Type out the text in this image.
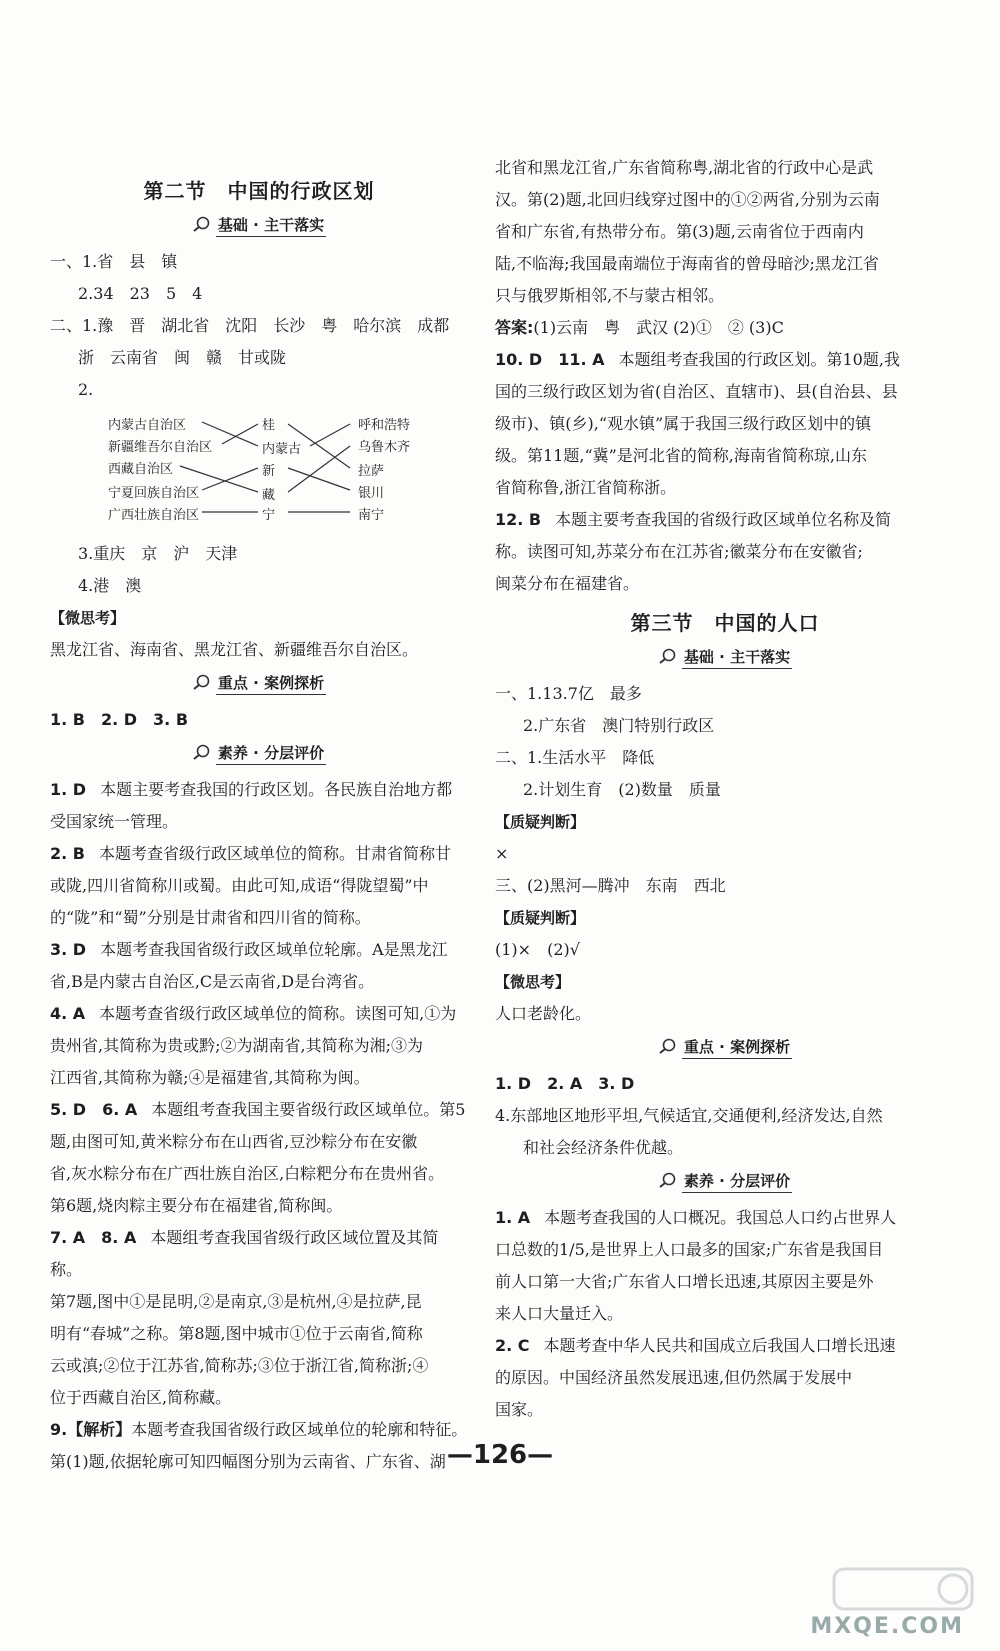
第二节　中国的行政区划
基础 · 主干落实

一、1.省　县　镇

2.34　23　5　4

二、1.豫　晋　湖北省　沈阳　长沙　粤　哈尔滨　成都

浙　云南省　闽　赣　甘或陇

2.

内蒙古自治区
新疆维吾尔自治区
西藏自治区
宁夏回族自治区
广西壮族自治区
桂
内蒙古
新
藏
宁
呼和浩特
乌鲁木齐
拉萨
银川
南宁

3.重庆　京　沪　天津

4.港　澳

【微思考】

黑龙江省、海南省、黑龙江省、新疆维吾尔自治区。

重点 · 案例探析

1. B　2. D　3. B

素养 · 分层评价

1. D 本题主要考查我国的行政区划。各民族自治地方都

受国家统一管理。

2. B 本题考查省级行政区域单位的简称。甘肃省简称甘

或陇,四川省简称川或蜀。由此可知,成语“得陇望蜀”中

的“陇”和“蜀”分别是甘肃省和四川省的简称。

3. D 本题考查我国省级行政区域单位轮廓。A是黑龙江

省,B是内蒙古自治区,C是云南省,D是台湾省。

4. A 本题考查省级行政区域单位的简称。读图可知,①为

贵州省,其简称为贵或黔;②为湖南省,其简称为湘;③为

江西省,其简称为赣;④是福建省,其简称为闽。

5. D　6. A 本题组考查我国主要省级行政区域单位。第5

题,由图可知,黄米粽分布在山西省,豆沙粽分布在安徽

省,灰水粽分布在广西壮族自治区,白粽粑分布在贵州省。

第6题,烧肉粽主要分布在福建省,简称闽。

7. A　8. A 本题组考查我国省级行政区域位置及其简称。

第7题,图中①是昆明,②是南京,③是杭州,④是拉萨,昆

明有“春城”之称。第8题,图中城市①位于云南省,简称

云或滇;②位于江苏省,简称苏;③位于浙江省,简称浙;④

位于西藏自治区,简称藏。

9.【解析】本题考查我国省级行政区域单位的轮廓和特征。

第(1)题,依据轮廓可知四幅图分别为云南省、广东省、湖

北省和黑龙江省,广东省简称粤,湖北省的行政中心是武

汉。第(2)题,北回归线穿过图中的①②两省,分别为云南

省和广东省,有热带分布。第(3)题,云南省位于西南内

陆,不临海;我国最南端位于海南省的曾母暗沙;黑龙江省

只与俄罗斯相邻,不与蒙古相邻。

答案:(1)云南　粤　武汉 (2)①　② (3)C

10. D　11. A 本题组考查我国的行政区划。第10题,我

国的三级行政区划为省(自治区、直辖市)、县(自治县、县

级市)、镇(乡),“观水镇”属于我国三级行政区划中的镇

级。第11题,“冀”是河北省的简称,海南省简称琼,山东

省简称鲁,浙江省简称浙。

12. B 本题主要考查我国的省级行政区域单位名称及简

称。读图可知,苏菜分布在江苏省;徽菜分布在安徽省;

闽菜分布在福建省。

第三节　中国的人口
基础 · 主干落实

一、1.13.7亿　最多

2.广东省　澳门特别行政区

二、1.生活水平　降低

2.计划生育　(2)数量　质量

【质疑判断】

×

三、(2)黑河—腾冲　东南　西北

【质疑判断】

(1)×　(2)√

【微思考】

人口老龄化。

重点 · 案例探析

1. D　2. A　3. D

4.东部地区地形平坦,气候适宜,交通便利,经济发达,自然

和社会经济条件优越。

素养 · 分层评价

1. A 本题考查我国的人口概况。我国总人口约占世界人

口总数的1/5,是世界上人口最多的国家;广东省是我国目

前人口第一大省;广东省人口增长迅速,其原因主要是外

来人口大量迁入。

2. C 本题考查中华人民共和国成立后我国人口增长迅速

的原因。中国经济虽然发展迅速,但仍然属于发展中

国家。

—126—
MXQE.COM
